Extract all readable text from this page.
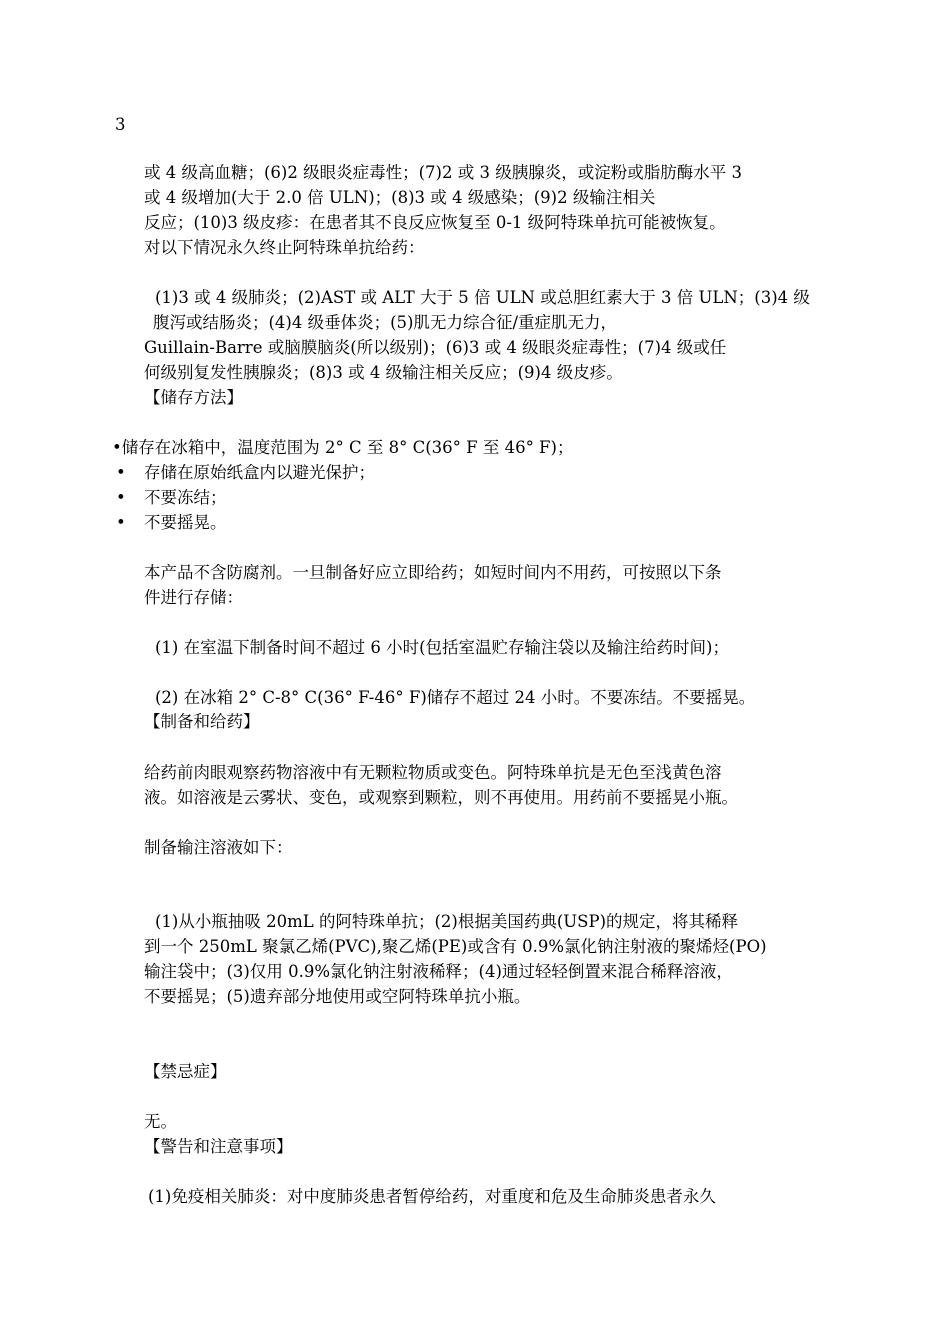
3
或 4 级高血糖；(6)2 级眼炎症毒性；(7)2 或 3 级胰腺炎，或淀粉或脂肪酶水平 3
或 4 级增加(大于 2.0 倍 ULN)；(8)3 或 4 级感染；(9)2 级输注相关
反应；(10)3 级皮疹：在患者其不良反应恢复至 0-1 级阿特珠单抗可能被恢复。
对以下情况永久终止阿特珠单抗给药：
(1)3 或 4 级肺炎；(2)AST 或 ALT 大于 5 倍 ULN 或总胆红素大于 3 倍 ULN；(3)4 级
腹泻或结肠炎；(4)4 级垂体炎；(5)肌无力综合征/重症肌无力，
Guillain-Barre 或脑膜脑炎(所以级别)；(6)3 或 4 级眼炎症毒性；(7)4 级或任
何级别复发性胰腺炎；(8)3 或 4 级输注相关反应；(9)4 级皮疹。
【储存方法】
•储存在冰箱中，温度范围为 2° C 至 8° C(36° F 至 46° F)；
• 存储在原始纸盒内以避光保护；
• 不要冻结；
• 不要摇晃。
本产品不含防腐剂。一旦制备好应立即给药；如短时间内不用药，可按照以下条
件进行存储：
(1) 在室温下制备时间不超过 6 小时(包括室温贮存输注袋以及输注给药时间)；
(2) 在冰箱 2° C-8° C(36° F-46° F)储存不超过 24 小时。不要冻结。不要摇晃。
【制备和给药】
给药前肉眼观察药物溶液中有无颗粒物质或变色。阿特珠单抗是无色至浅黄色溶
液。如溶液是云雾状、变色，或观察到颗粒，则不再使用。用药前不要摇晃小瓶。
制备输注溶液如下：
(1)从小瓶抽吸 20mL 的阿特珠单抗；(2)根据美国药典(USP)的规定，将其稀释
到一个 250mL 聚氯乙烯(PVC),聚乙烯(PE)或含有 0.9%氯化钠注射液的聚烯烃(PO)
输注袋中；(3)仅用 0.9%氯化钠注射液稀释；(4)通过轻轻倒置来混合稀释溶液，
不要摇晃；(5)遗弃部分地使用或空阿特珠单抗小瓶。
【禁忌症】
无。
【警告和注意事项】
(1)免疫相关肺炎：对中度肺炎患者暂停给药，对重度和危及生命肺炎患者永久
